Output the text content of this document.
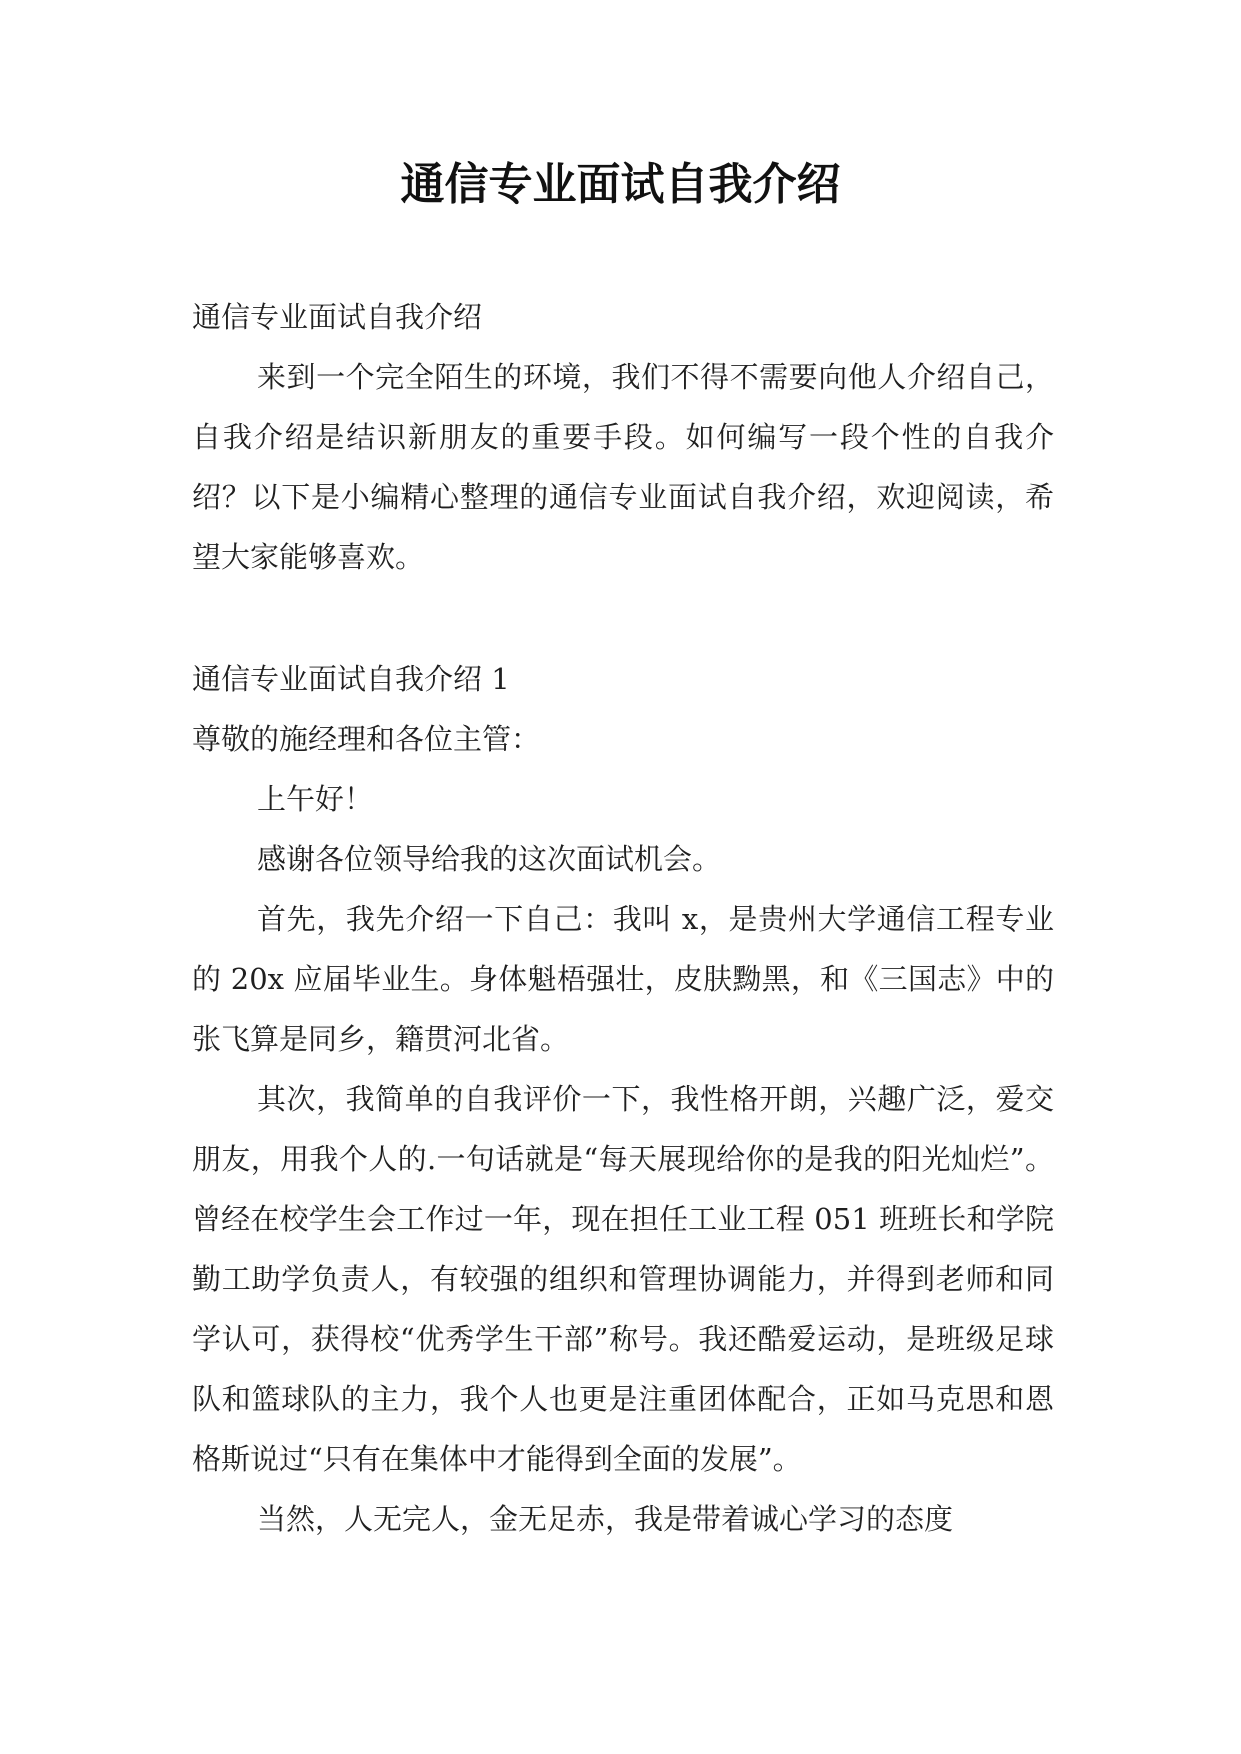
通信专业面试自我介绍

通信专业面试自我介绍

来到一个完全陌生的环境，我们不得不需要向他人介绍自己，自我介绍是结识新朋友的重要手段。如何编写一段个性的自我介绍？以下是小编精心整理的通信专业面试自我介绍，欢迎阅读，希望大家能够喜欢。

通信专业面试自我介绍 1

尊敬的施经理和各位主管：

上午好！

感谢各位领导给我的这次面试机会。

首先，我先介绍一下自己：我叫 x，是贵州大学通信工程专业的 20x 应届毕业生。身体魁梧强壮，皮肤黝黑，和《三国志》中的张飞算是同乡，籍贯河北省。

其次，我简单的自我评价一下，我性格开朗，兴趣广泛，爱交朋友，用我个人的.一句话就是“每天展现给你的是我的阳光灿烂”。曾经在校学生会工作过一年，现在担任工业工程 051 班班长和学院勤工助学负责人，有较强的组织和管理协调能力，并得到老师和同学认可，获得校“优秀学生干部”称号。我还酷爱运动，是班级足球队和篮球队的主力，我个人也更是注重团体配合，正如马克思和恩格斯说过“只有在集体中才能得到全面的发展”。

当然，人无完人，金无足赤，我是带着诚心学习的态度
